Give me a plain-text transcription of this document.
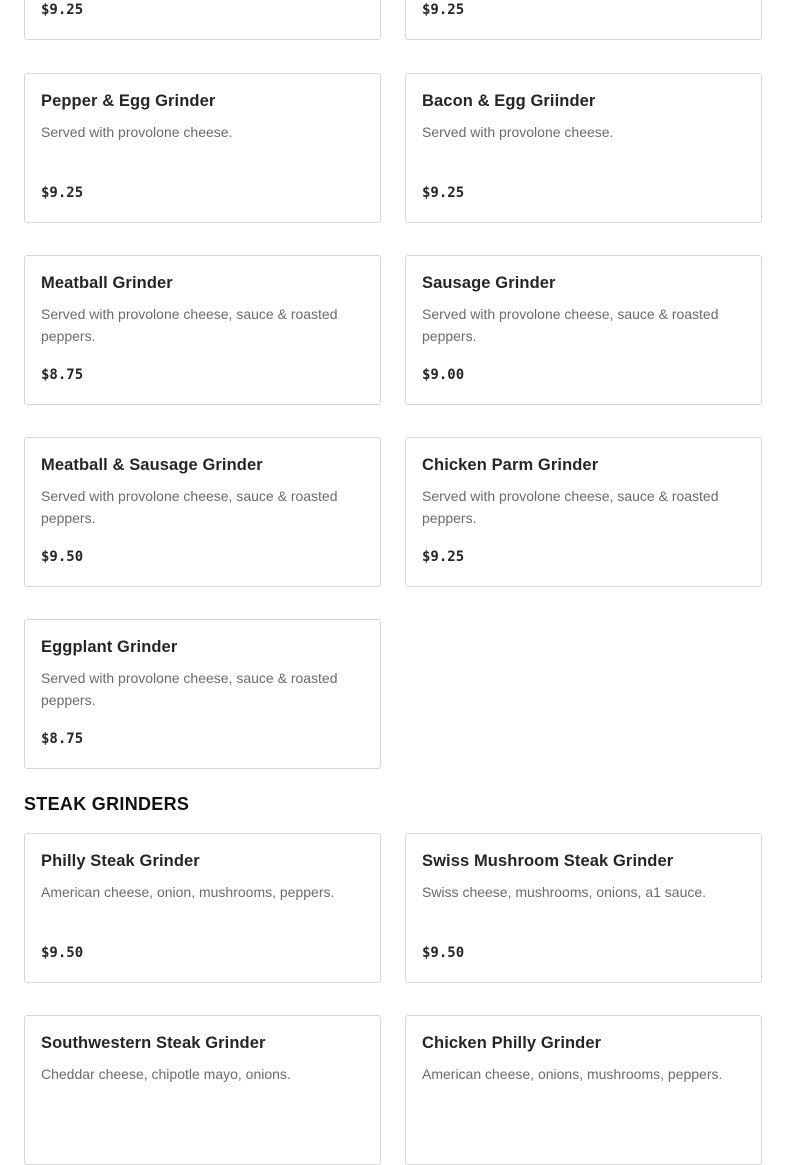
$9.25	$9.25
Pepper & Egg Grinder
Served with provolone cheese.
$9.25
Bacon & Egg Griinder
Served with provolone cheese.
$9.25
Meatball Grinder
Served with provolone cheese, sauce & roasted peppers.
$8.75
Sausage Grinder
Served with provolone cheese, sauce & roasted peppers.
$9.00
Meatball & Sausage Grinder
Served with provolone cheese, sauce & roasted peppers.
$9.50
Chicken Parm Grinder
Served with provolone cheese, sauce & roasted peppers.
$9.25
Eggplant Grinder
Served with provolone cheese, sauce & roasted peppers.
$8.75
STEAK GRINDERS
Philly Steak Grinder
American cheese, onion, mushrooms, peppers.
$9.50
Swiss Mushroom Steak Grinder
Swiss cheese, mushrooms, onions, a1 sauce.
$9.50
Southwestern Steak Grinder
Cheddar cheese, chipotle mayo, onions.
Chicken Philly Grinder
American cheese, onions, mushrooms, peppers.
